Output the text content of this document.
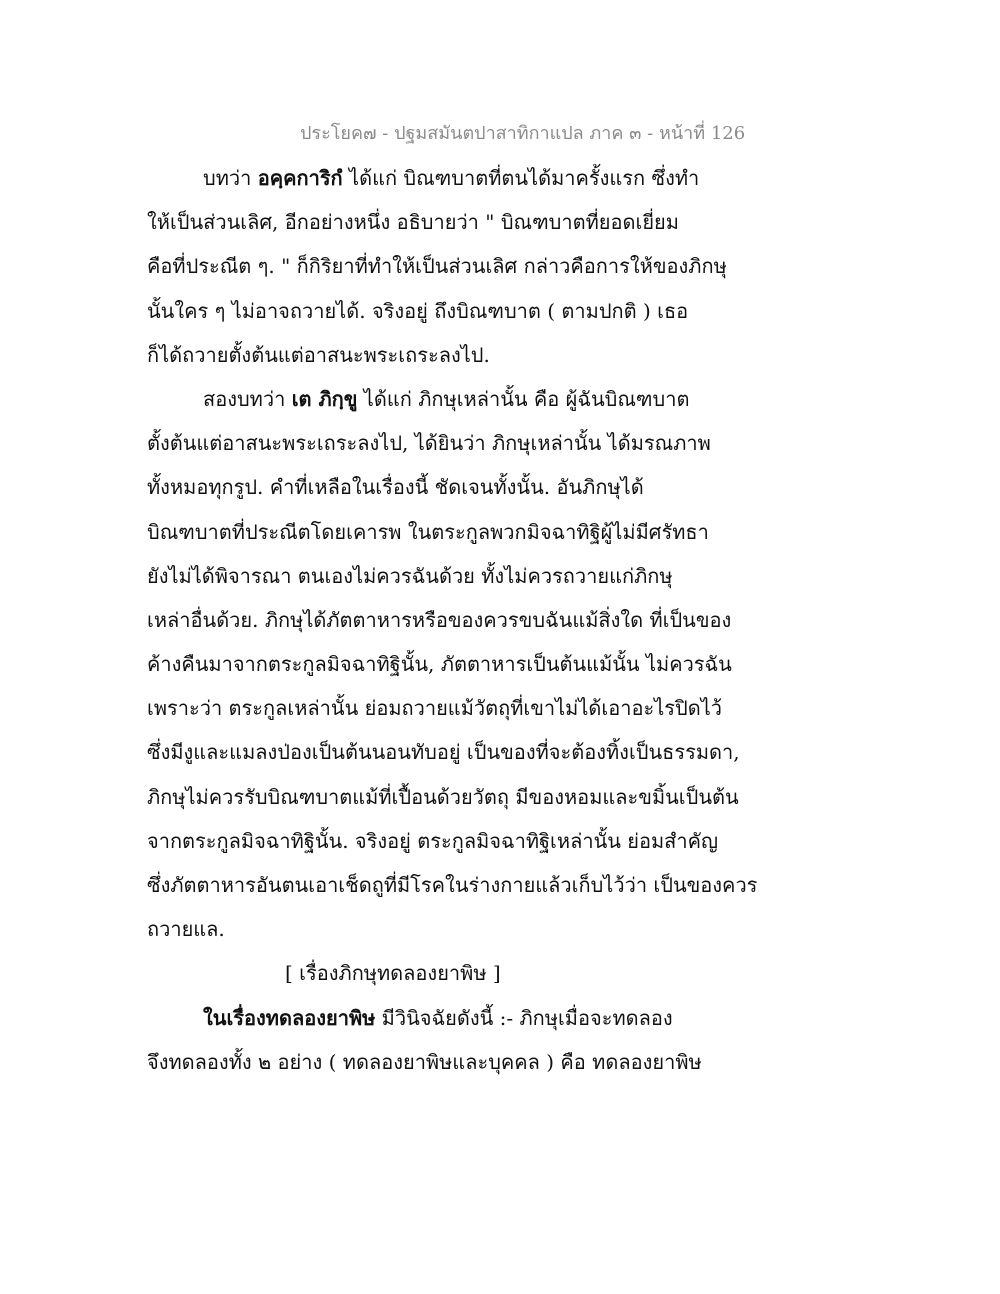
ประโยค๗ - ปฐมสมันตปาสาทิกาแปล ภาค ๓ - หน้าที่ 126
บทว่า อคฺคการิกํ ได้แก่ บิณฑบาตที่ตนได้มาครั้งแรก ซึ่งทำ
ให้เป็นส่วนเลิศ, อีกอย่างหนึ่ง อธิบายว่า " บิณฑบาตที่ยอดเยี่ยม
คือที่ประณีต ๆ. " ก็กิริยาที่ทำให้เป็นส่วนเลิศ กล่าวคือการให้ของภิกษุ
นั้นใคร ๆ ไม่อาจถวายได้. จริงอยู่ ถึงบิณฑบาต ( ตามปกติ ) เธอ
ก็ได้ถวายตั้งต้นแต่อาสนะพระเถระลงไป.
สองบทว่า เต ภิกฺขู ได้แก่ ภิกษุเหล่านั้น คือ ผู้ฉันบิณฑบาต
ตั้งต้นแต่อาสนะพระเถระลงไป, ได้ยินว่า ภิกษุเหล่านั้น ได้มรณภาพ
ทั้งหมอทุกรูป. คำที่เหลือในเรื่องนี้ ชัดเจนทั้งนั้น. อันภิกษุได้
บิณฑบาตที่ประณีตโดยเคารพ ในตระกูลพวกมิจฉาทิฐิผู้ไม่มีศรัทธา
ยังไม่ได้พิจารณา ตนเองไม่ควรฉันด้วย ทั้งไม่ควรถวายแก่ภิกษุ
เหล่าอื่นด้วย. ภิกษุได้ภัตตาหารหรือของควรขบฉันแม้สิ่งใด ที่เป็นของ
ค้างคืนมาจากตระกูลมิจฉาทิฐินั้น, ภัตตาหารเป็นต้นแม้นั้น ไม่ควรฉัน
เพราะว่า ตระกูลเหล่านั้น ย่อมถวายแม้วัตถุที่เขาไม่ได้เอาอะไรปิดไว้
ซึ่งมีงูและแมลงป่องเป็นต้นนอนทับอยู่ เป็นของที่จะต้องทิ้งเป็นธรรมดา,
ภิกษุไม่ควรรับบิณฑบาตแม้ที่เปื้อนด้วยวัตถุ มีของหอมและขมิ้นเป็นต้น
จากตระกูลมิจฉาทิฐินั้น. จริงอยู่ ตระกูลมิจฉาทิฐิเหล่านั้น ย่อมสำคัญ
ซึ่งภัตตาหารอันตนเอาเช็ดถูที่มีโรคในร่างกายแล้วเก็บไว้ว่า เป็นของควร
ถวายแล.
[ เรื่องภิกษุทดลองยาพิษ ]
ในเรื่องทดลองยาพิษ มีวินิจฉัยดังนี้ :- ภิกษุเมื่อจะทดลอง
จึงทดลองทั้ง ๒ อย่าง ( ทดลองยาพิษและบุคคล ) คือ ทดลองยาพิษ
